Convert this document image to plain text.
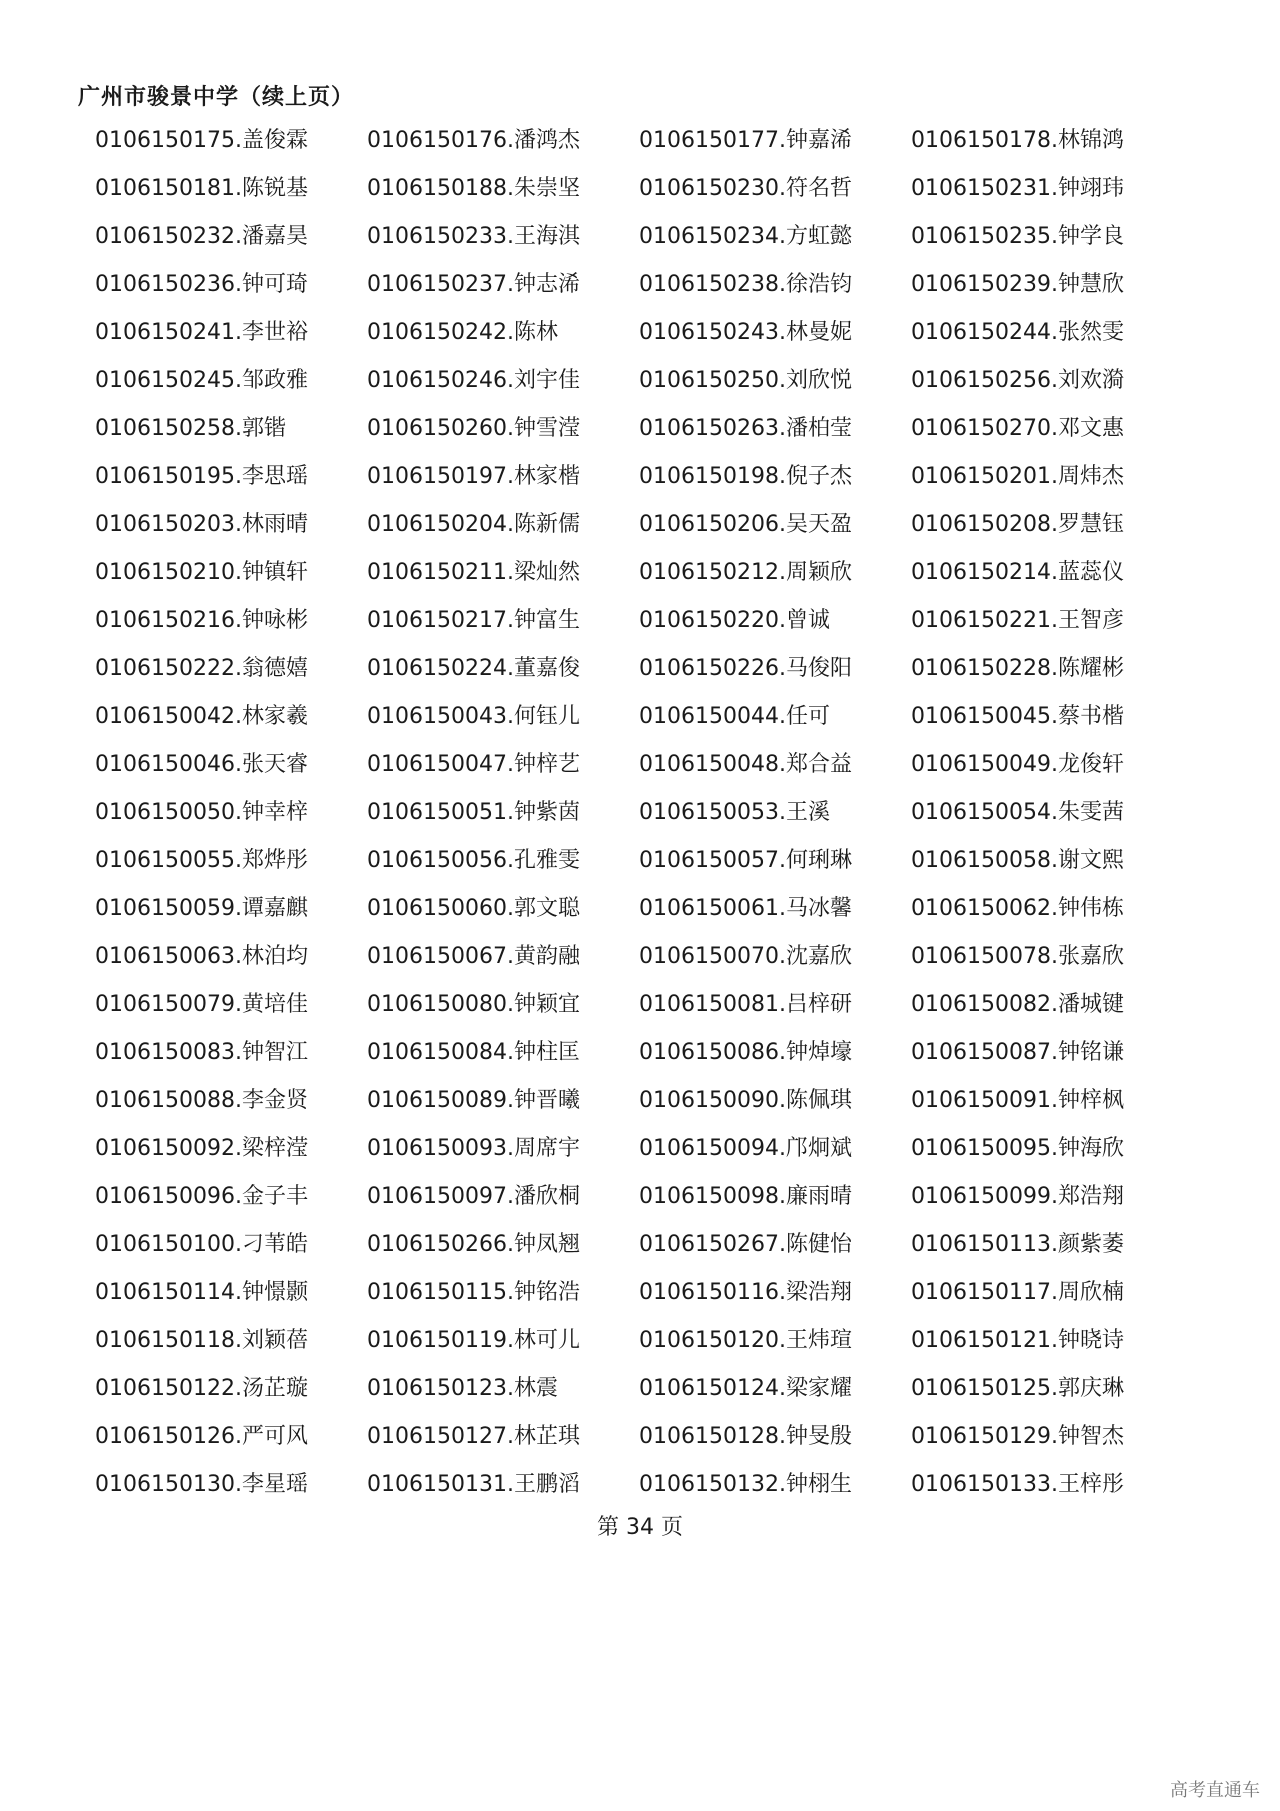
广州市骏景中学（续上页）
0106150175.盖俊霖	0106150176.潘鸿杰	0106150177.钟嘉浠	0106150178.林锦鸿
0106150181.陈锐基	0106150188.朱崇坚	0106150230.符名哲	0106150231.钟翊玮
0106150232.潘嘉昊	0106150233.王海淇	0106150234.方虹懿	0106150235.钟学良
0106150236.钟可琦	0106150237.钟志浠	0106150238.徐浩钧	0106150239.钟慧欣
0106150241.李世裕	0106150242.陈林	0106150243.林曼妮	0106150244.张然雯
0106150245.邹政雅	0106150246.刘宇佳	0106150250.刘欣悦	0106150256.刘欢漪
0106150258.郭锴	0106150260.钟雪滢	0106150263.潘柏莹	0106150270.邓文惠
0106150195.李思瑶	0106150197.林家楷	0106150198.倪子杰	0106150201.周炜杰
0106150203.林雨晴	0106150204.陈新儒	0106150206.吴天盈	0106150208.罗慧钰
0106150210.钟镇轩	0106150211.梁灿然	0106150212.周颖欣	0106150214.蓝蕊仪
0106150216.钟咏彬	0106150217.钟富生	0106150220.曾诚	0106150221.王智彦
0106150222.翁德嬉	0106150224.董嘉俊	0106150226.马俊阳	0106150228.陈耀彬
0106150042.林家羲	0106150043.何钰儿	0106150044.任可	0106150045.蔡书楷
0106150046.张天睿	0106150047.钟梓艺	0106150048.郑合益	0106150049.龙俊轩
0106150050.钟幸梓	0106150051.钟紫茵	0106150053.王溪	0106150054.朱雯茜
0106150055.郑烨彤	0106150056.孔雅雯	0106150057.何琍琳	0106150058.谢文熙
0106150059.谭嘉麒	0106150060.郭文聪	0106150061.马冰馨	0106150062.钟伟栋
0106150063.林泊均	0106150067.黄韵融	0106150070.沈嘉欣	0106150078.张嘉欣
0106150079.黄培佳	0106150080.钟颖宜	0106150081.吕梓研	0106150082.潘城键
0106150083.钟智江	0106150084.钟柱匡	0106150086.钟焯壕	0106150087.钟铭谦
0106150088.李金贤	0106150089.钟晋曦	0106150090.陈佩琪	0106150091.钟梓枫
0106150092.梁梓滢	0106150093.周席宇	0106150094.邝炯斌	0106150095.钟海欣
0106150096.金子丰	0106150097.潘欣桐	0106150098.廉雨晴	0106150099.郑浩翔
0106150100.刁苇皓	0106150266.钟凤翘	0106150267.陈健怡	0106150113.颜紫萎
0106150114.钟憬颢	0106150115.钟铭浩	0106150116.梁浩翔	0106150117.周欣楠
0106150118.刘颖蓓	0106150119.林可儿	0106150120.王炜瑄	0106150121.钟晓诗
0106150122.汤芷璇	0106150123.林震	0106150124.梁家耀	0106150125.郭庆琳
0106150126.严可风	0106150127.林芷琪	0106150128.钟旻殷	0106150129.钟智杰
0106150130.李星瑶	0106150131.王鹏滔	0106150132.钟栩生	0106150133.王梓彤
第 34 页
高考直通车
